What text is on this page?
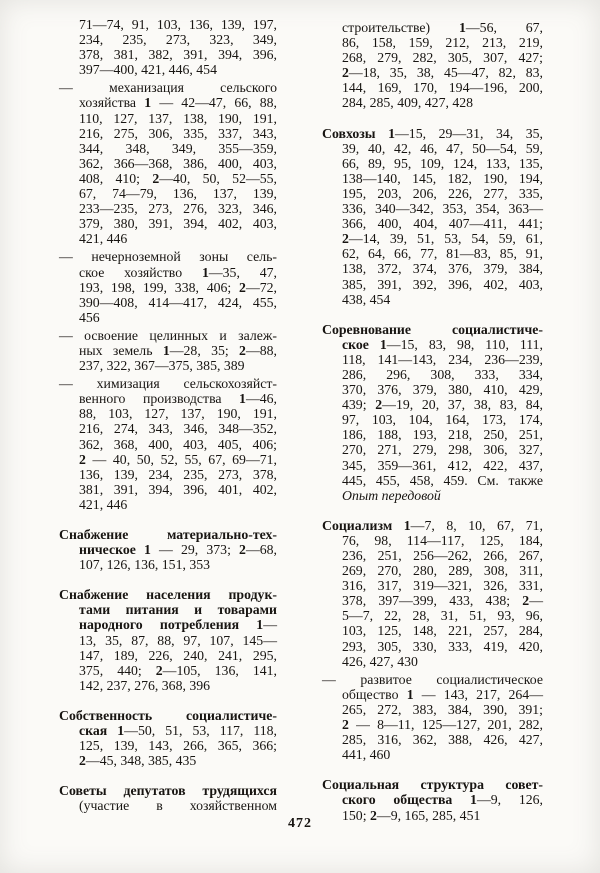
71—74, 91, 103, 136, 139, 197,
234, 235, 273, 323, 349,
378, 381, 382, 391, 394, 396,
397—400, 421, 446, 454
— механизация сельского
хозяйства 1 — 42—47, 66, 88,
110, 127, 137, 138, 190, 191,
216, 275, 306, 335, 337, 343,
344, 348, 349, 355—359,
362, 366—368, 386, 400, 403,
408, 410; 2—40, 50, 52—55,
67, 74—79, 136, 137, 139,
233—235, 273, 276, 323, 346,
379, 380, 391, 394, 402, 403,
421, 446
— нечерноземной зоны сель-
ское хозяйство 1—35, 47,
193, 198, 199, 338, 406; 2—72,
390—408, 414—417, 424, 455,
456
— освоение целинных и залеж-
ных земель 1—28, 35; 2—88,
237, 322, 367—375, 385, 389
— химизация сельскохозяйст-
венного производства 1—46,
88, 103, 127, 137, 190, 191,
216, 274, 343, 346, 348—352,
362, 368, 400, 403, 405, 406;
2 — 40, 50, 52, 55, 67, 69—71,
136, 139, 234, 235, 273, 378,
381, 391, 394, 396, 401, 402,
421, 446
Снабжение материально-тех-
ническое 1 — 29, 373; 2—68,
107, 126, 136, 151, 353
Снабжение населения продук-
тами питания и товарами
народного потребления 1—
13, 35, 87, 88, 97, 107, 145—
147, 189, 226, 240, 241, 295,
375, 440; 2—105, 136, 141,
142, 237, 276, 368, 396
Собственность социалистиче-
ская 1—50, 51, 53, 117, 118,
125, 139, 143, 266, 365, 366;
2—45, 348, 385, 435
Советы депутатов трудящихся
(участие в хозяйственном
строительстве) 1—56, 67,
86, 158, 159, 212, 213, 219,
268, 279, 282, 305, 307, 427;
2—18, 35, 38, 45—47, 82, 83,
144, 169, 170, 194—196, 200,
284, 285, 409, 427, 428
Совхозы 1—15, 29—31, 34, 35,
39, 40, 42, 46, 47, 50—54, 59,
66, 89, 95, 109, 124, 133, 135,
138—140, 145, 182, 190, 194,
195, 203, 206, 226, 277, 335,
336, 340—342, 353, 354, 363—
366, 400, 404, 407—411, 441;
2—14, 39, 51, 53, 54, 59, 61,
62, 64, 66, 77, 81—83, 85, 91,
138, 372, 374, 376, 379, 384,
385, 391, 392, 396, 402, 403,
438, 454
Соревнование социалистиче-
ское 1—15, 83, 98, 110, 111,
118, 141—143, 234, 236—239,
286, 296, 308, 333, 334,
370, 376, 379, 380, 410, 429,
439; 2—19, 20, 37, 38, 83, 84,
97, 103, 104, 164, 173, 174,
186, 188, 193, 218, 250, 251,
270, 271, 279, 298, 306, 327,
345, 359—361, 412, 422, 437,
445, 455, 458, 459. См. также
Опыт передовой
Социализм 1—7, 8, 10, 67, 71,
76, 98, 114—117, 125, 184,
236, 251, 256—262, 266, 267,
269, 270, 280, 289, 308, 311,
316, 317, 319—321, 326, 331,
378, 397—399, 433, 438; 2—
5—7, 22, 28, 31, 51, 93, 96,
103, 125, 148, 221, 257, 284,
293, 305, 330, 333, 419, 420,
426, 427, 430
— развитое социалистическое
общество 1 — 143, 217, 264—
265, 272, 383, 384, 390, 391;
2 — 8—11, 125—127, 201, 282,
285, 316, 362, 388, 426, 427,
441, 460
Социальная структура совет-
ского общества 1—9, 126,
150; 2—9, 165, 285, 451
472
